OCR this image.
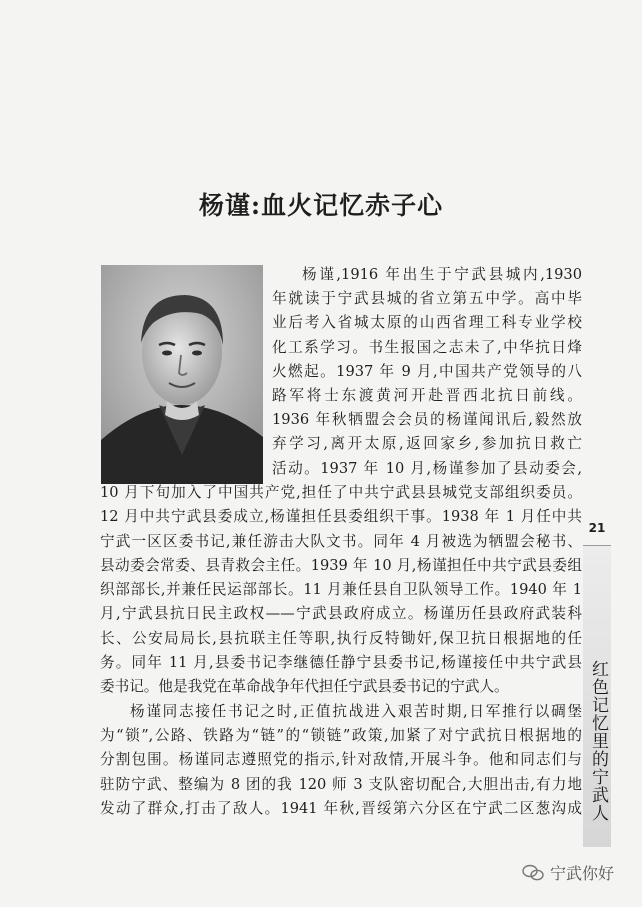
杨谨:血火记忆赤子心
杨谨,1916 年出生于宁武县城内,1930
年就读于宁武县城的省立第五中学。高中毕
业后考入省城太原的山西省理工科专业学校
化工系学习。书生报国之志未了,中华抗日烽
火燃起。1937 年 9 月,中国共产党领导的八
路军将士东渡黄河开赴晋西北抗日前线。
1936 年秋牺盟会会员的杨谨闻讯后,毅然放
弃学习,离开太原,返回家乡,参加抗日救亡
活动。1937 年 10 月,杨谨参加了县动委会,
10 月下旬加入了中国共产党,担任了中共宁武县县城党支部组织委员。
12 月中共宁武县委成立,杨谨担任县委组织干事。1938 年 1 月任中共
宁武一区区委书记,兼任游击大队文书。同年 4 月被选为牺盟会秘书、
县动委会常委、县青救会主任。1939 年 10 月,杨谨担任中共宁武县委组
织部部长,并兼任民运部部长。11 月兼任县自卫队领导工作。1940 年 1
月,宁武县抗日民主政权——宁武县政府成立。杨谨历任县政府武装科
长、公安局局长,县抗联主任等职,执行反特锄奸,保卫抗日根据地的任
务。同年 11 月,县委书记李继德任静宁县委书记,杨谨接任中共宁武县
委书记。他是我党在革命战争年代担任宁武县委书记的宁武人。
杨谨同志接任书记之时,正值抗战进入艰苦时期,日军推行以碉堡
为“锁”,公路、铁路为“链”的“锁链”政策,加紧了对宁武抗日根据地的
分割包围。杨谨同志遵照党的指示,针对敌情,开展斗争。他和同志们与
驻防宁武、整编为 8 团的我 120 师 3 支队密切配合,大胆出击,有力地
发动了群众,打击了敌人。1941 年秋,晋绥第六分区在宁武二区葱沟成
21
红色记忆里的宁武人
宁武你好
